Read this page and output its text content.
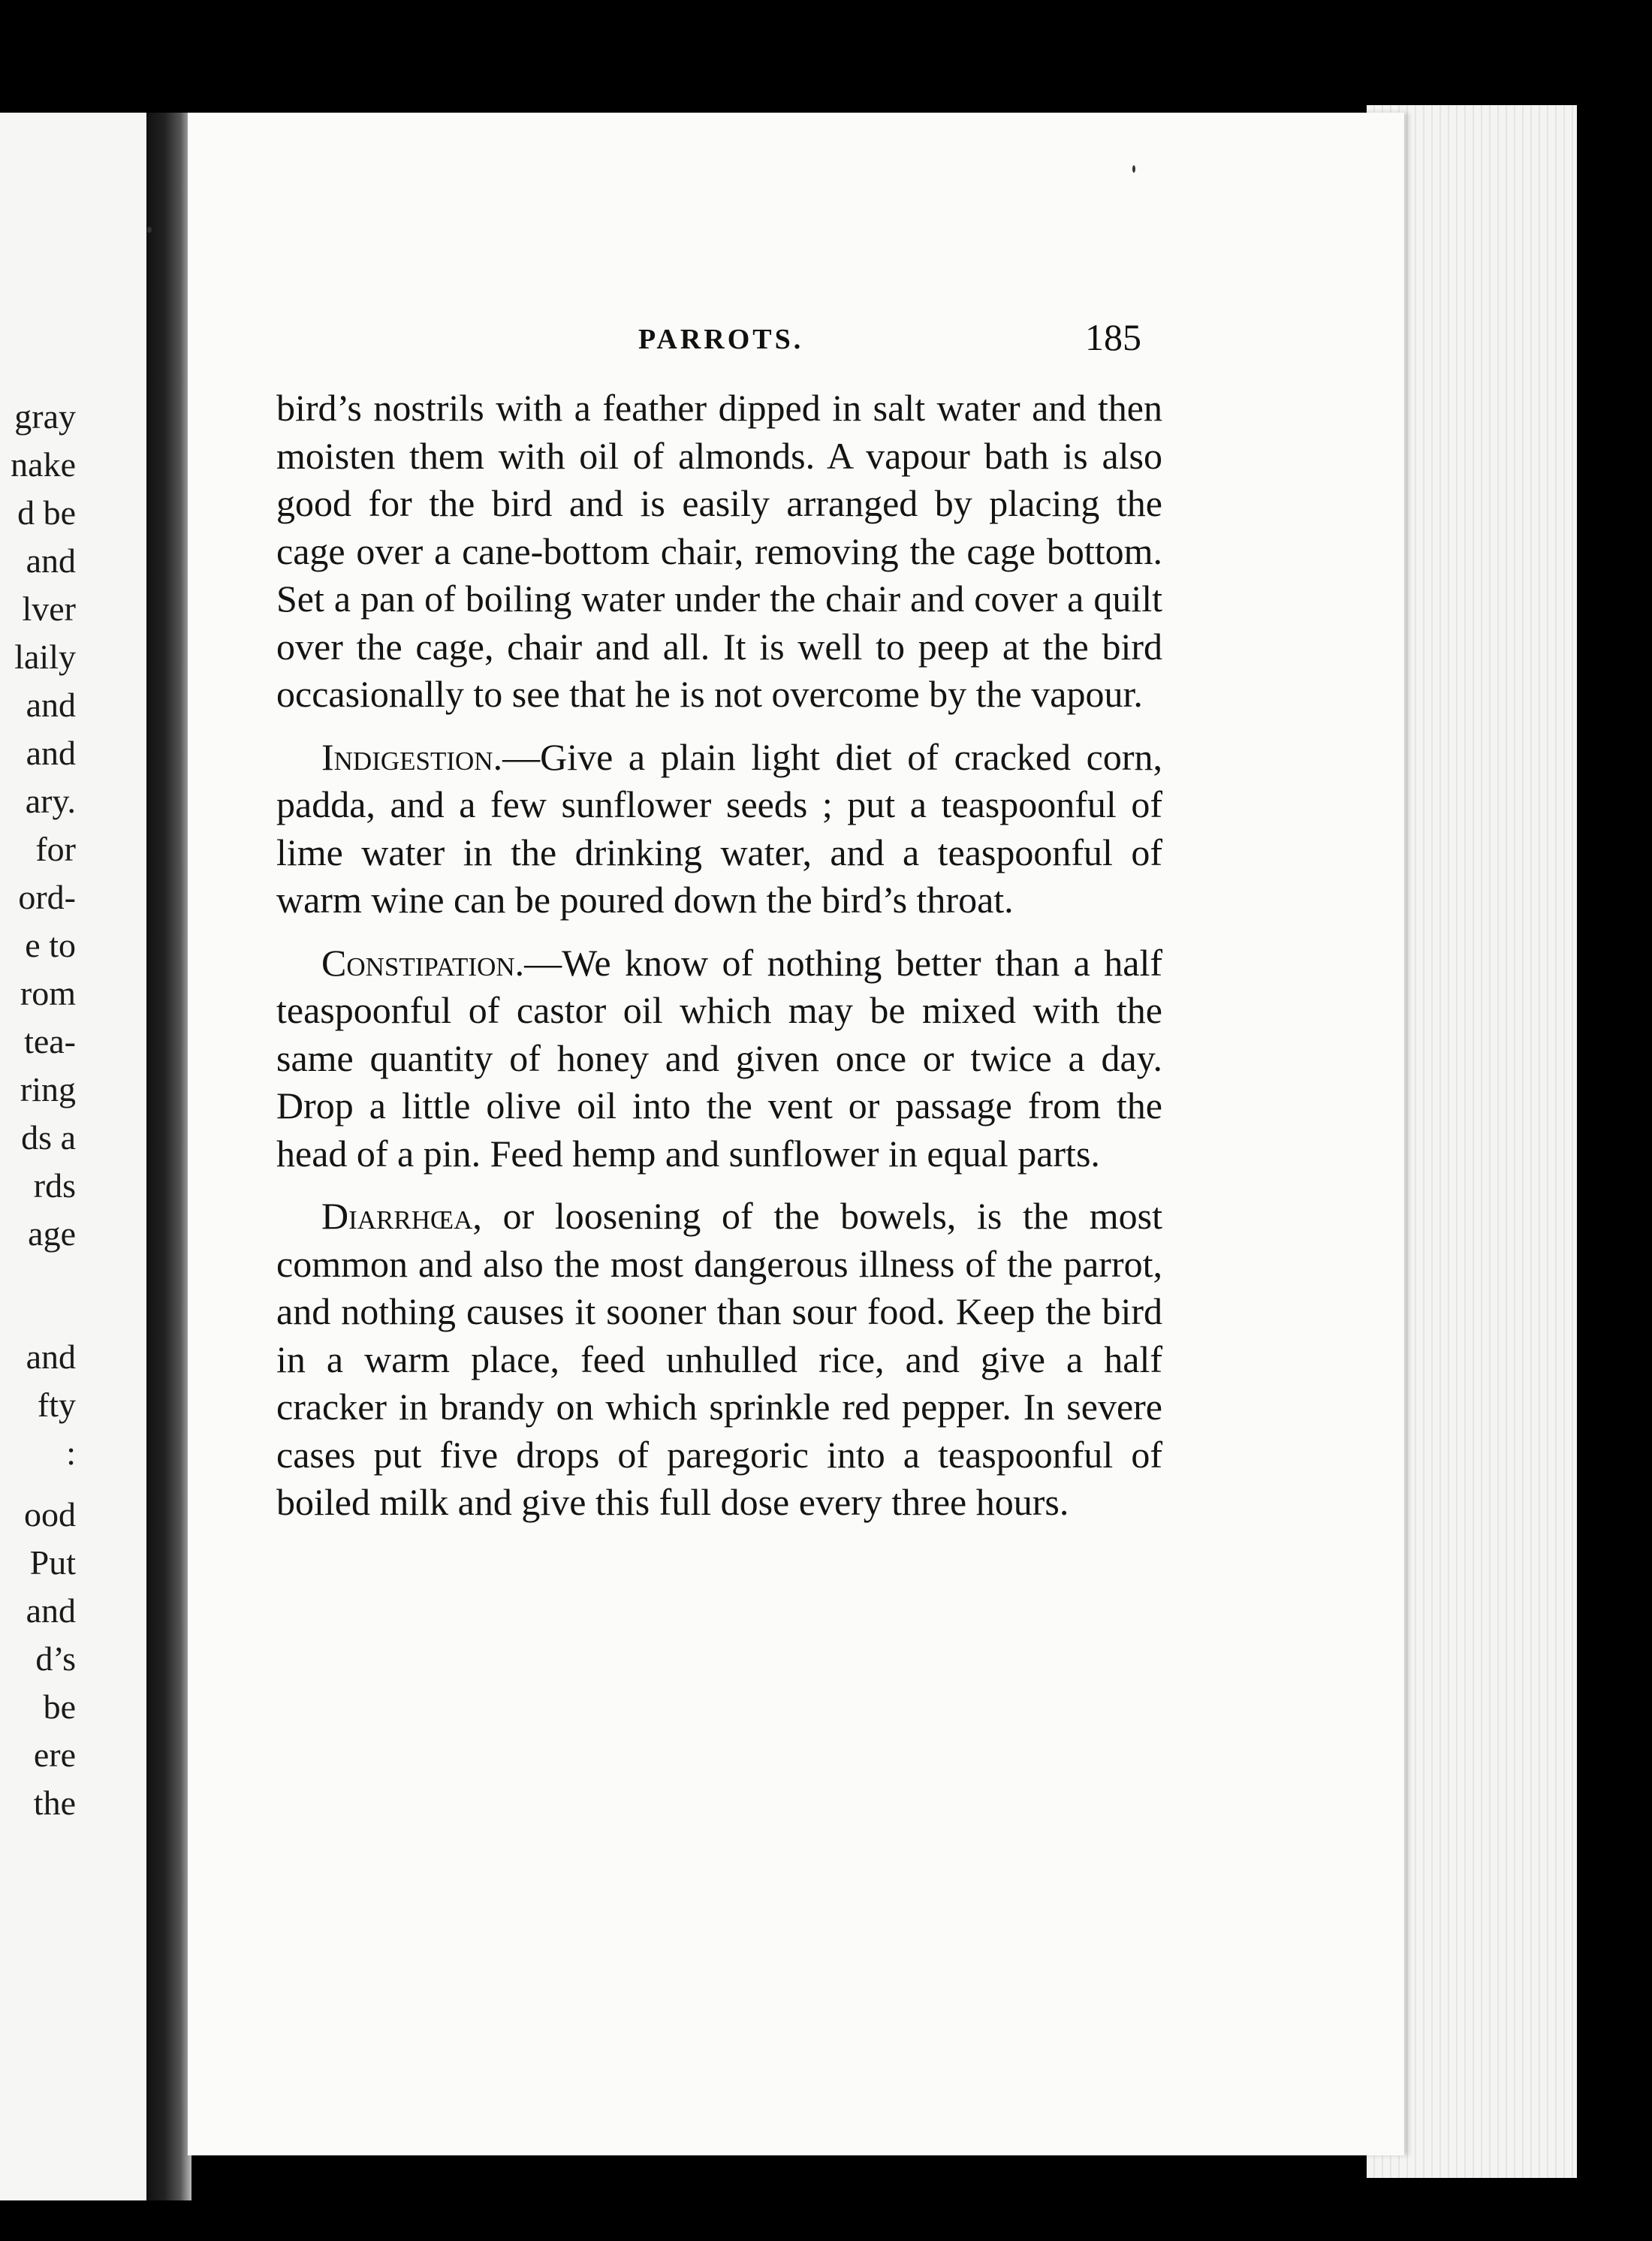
gray
nake
d be
and
lver
laily
and
and
ary.
for
ord-
e to
rom
tea-
ring
ds a
rds
age
and
fty
:
ood
Put
and
d’s
be
ere
the
PARROTS.	185

bird’s nostrils with a feather dipped in salt water and then moisten them with oil of almonds. A vapour bath is also good for the bird and is easily arranged by placing the cage over a cane-bottom chair, removing the cage bottom. Set a pan of boiling water under the chair and cover a quilt over the cage, chair and all. It is well to peep at the bird occasionally to see that he is not overcome by the vapour.

Indigestion.—Give a plain light diet of cracked corn, padda, and a few sunflower seeds ; put a teaspoonful of lime water in the drinking water, and a teaspoonful of warm wine can be poured down the bird’s throat.

Constipation.—We know of nothing better than a half teaspoonful of castor oil which may be mixed with the same quantity of honey and given once or twice a day. Drop a little olive oil into the vent or passage from the head of a pin. Feed hemp and sunflower in equal parts.

Diarrhœa, or loosening of the bowels, is the most common and also the most dangerous illness of the parrot, and nothing causes it sooner than sour food. Keep the bird in a warm place, feed unhulled rice, and give a half cracker in brandy on which sprinkle red pepper. In severe cases put five drops of paregoric into a teaspoonful of boiled milk and give this full dose every three hours.
